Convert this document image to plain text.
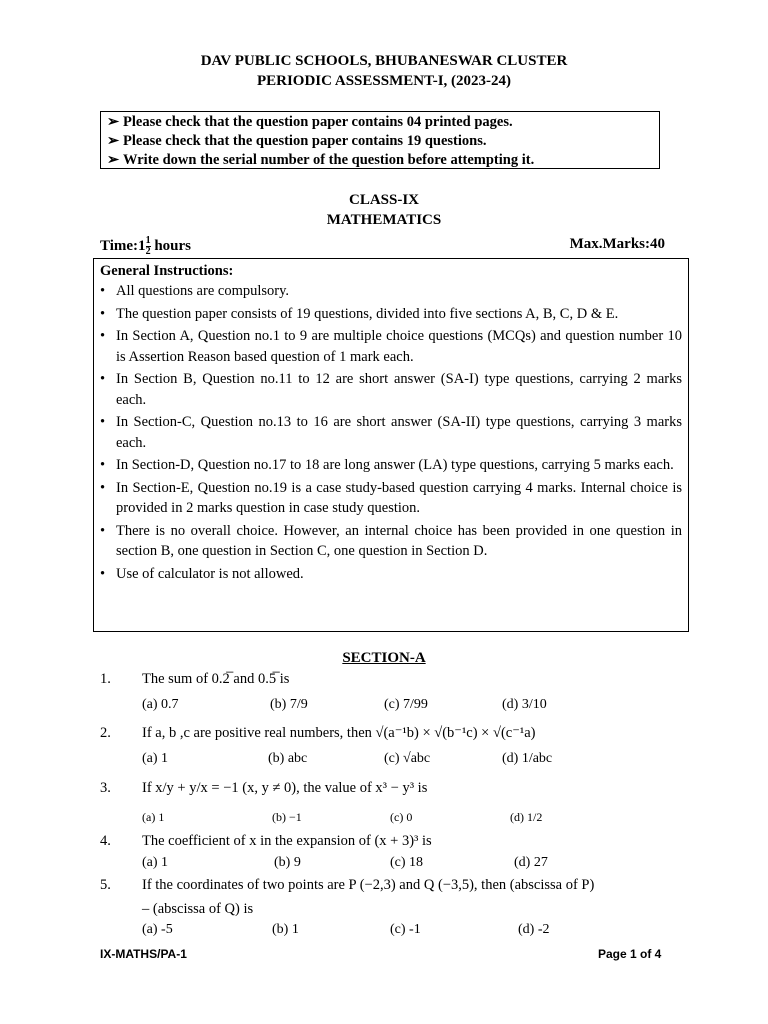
DAV PUBLIC SCHOOLS, BHUBANESWAR CLUSTER
PERIODIC ASSESSMENT-I, (2023-24)
➢ Please check that the question paper contains 04 printed pages.
➢ Please check that the question paper contains 19 questions.
➢ Write down the serial number of the question before attempting it.
CLASS-IX
MATHEMATICS
Time:1 $\frac{1}{2}$ hours	Max.Marks:40
General Instructions:
• All questions are compulsory.
• The question paper consists of 19 questions, divided into five sections A, B, C, D & E.
• In Section A, Question no.1 to 9 are multiple choice questions (MCQs) and question number 10 is Assertion Reason based question of 1 mark each.
• In Section B, Question no.11 to 12 are short answer (SA-I) type questions, carrying 2 marks each.
• In Section-C, Question no.13 to 16 are short answer (SA-II) type questions, carrying 3 marks each.
• In Section-D, Question no.17 to 18 are long answer (LA) type questions, carrying 5 marks each.
• In Section-E, Question no.19 is a case study-based question carrying 4 marks. Internal choice is provided in 2 marks question in case study question.
• There is no overall choice. However, an internal choice has been provided in one question in section B, one question in Section C, one question in Section D.
• Use of calculator is not allowed.
SECTION-A
1. The sum of 0.2̅ and 0.5̅ is
(a) 0.7	(b) 7/9	(c) 7/99	(d) 3/10
2. If a, b ,c are positive real numbers, then √(a⁻¹b) × √(b⁻¹c) × √(c⁻¹a)
(a) 1	(b) abc	(c) √abc	(d) 1/abc
3. If x/y + y/x = −1 (x, y ≠ 0), the value of x³ − y³ is
(a) 1	(b) −1	(c) 0	(d) 1/2
4. The coefficient of x in the expansion of (x + 3)³ is
(a) 1	(b) 9	(c) 18	(d) 27
5. If the coordinates of two points are P (−2,3) and Q (−3,5), then (abscissa of P)
– (abscissa of Q) is
(a) -5	(b) 1	(c) -1	(d) -2
IX-MATHS/PA-1	Page 1 of 4
